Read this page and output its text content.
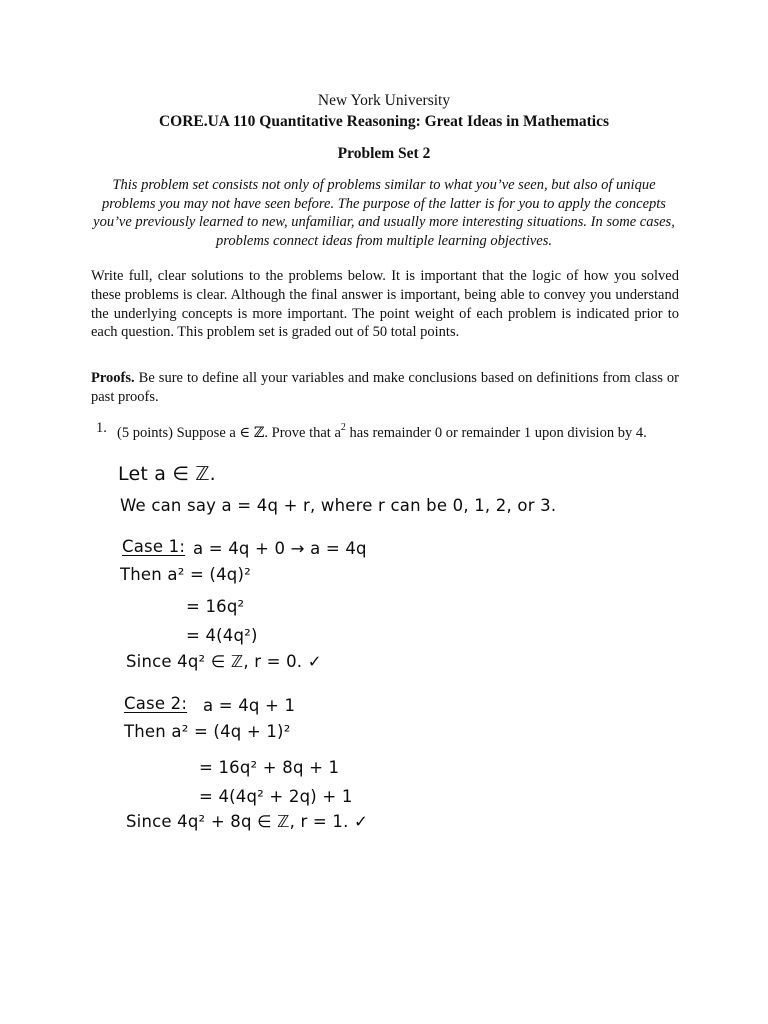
New York University
CORE.UA 110 Quantitative Reasoning: Great Ideas in Mathematics
Problem Set 2
This problem set consists not only of problems similar to what you’ve seen, but also of unique problems you may not have seen before. The purpose of the latter is for you to apply the concepts you’ve previously learned to new, unfamiliar, and usually more interesting situations. In some cases, problems connect ideas from multiple learning objectives.
Write full, clear solutions to the problems below. It is important that the logic of how you solved these problems is clear. Although the final answer is important, being able to convey you understand the underlying concepts is more important. The point weight of each problem is indicated prior to each question. This problem set is graded out of 50 total points.
Proofs. Be sure to define all your variables and make conclusions based on definitions from class or past proofs.
1. (5 points) Suppose a ∈ ℤ. Prove that $a^2$ has remainder 0 or remainder 1 upon division by 4.
Let a ∈ ℤ.
We can say a = 4q + r, where r can be 0, 1, 2, or 3.
Case 1: a = 4q + 0 → a = 4q
Then a² = (4q)²
= 16q²
= 4(4q²)
Since 4q² ∈ ℤ, r = 0. ✓
Case 2: a = 4q + 1
Then a² = (4q + 1)²
= 16q² + 8q + 1
= 4(4q² + 2q) + 1
Since 4q² + 8q ∈ ℤ, r = 1. ✓
